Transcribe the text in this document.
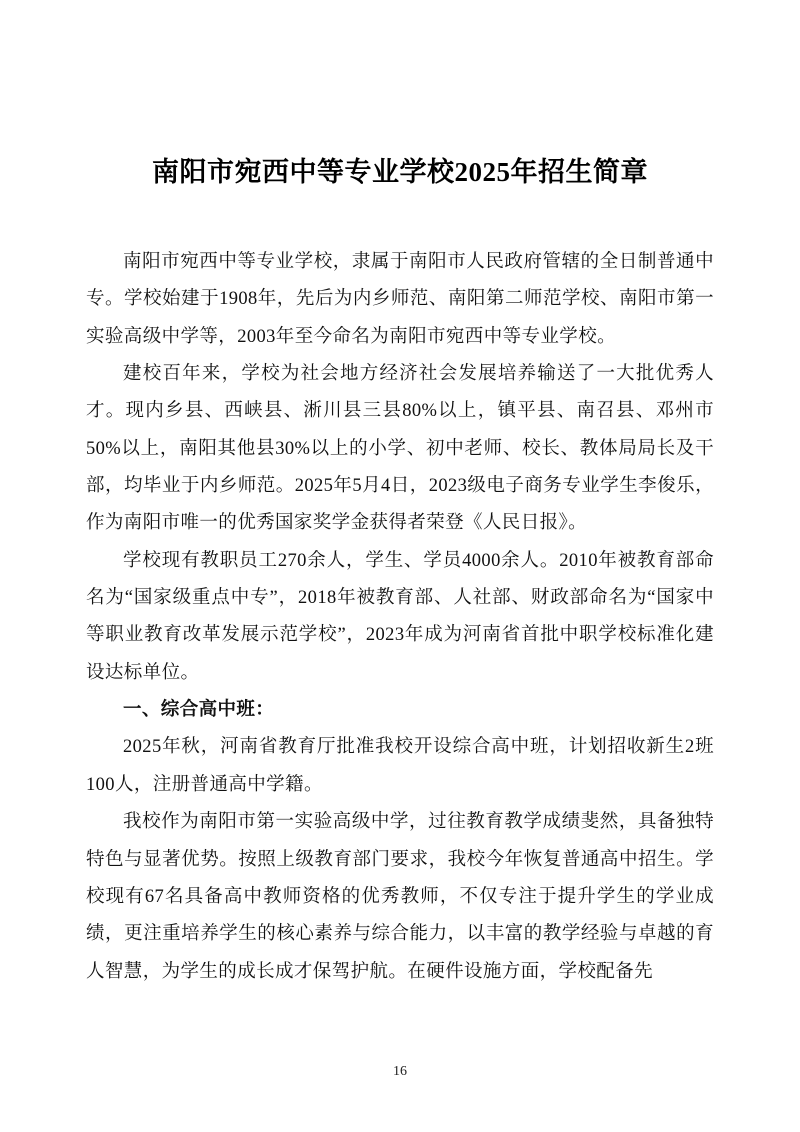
南阳市宛西中等专业学校2025年招生简章

南阳市宛西中等专业学校，隶属于南阳市人民政府管辖的全日制普通中专。学校始建于1908年，先后为内乡师范、南阳第二师范学校、南阳市第一实验高级中学等，2003年至今命名为南阳市宛西中等专业学校。

建校百年来，学校为社会地方经济社会发展培养输送了一大批优秀人才。现内乡县、西峡县、淅川县三县80%以上，镇平县、南召县、邓州市50%以上，南阳其他县30%以上的小学、初中老师、校长、教体局局长及干部，均毕业于内乡师范。2025年5月4日，2023级电子商务专业学生李俊乐，作为南阳市唯一的优秀国家奖学金获得者荣登《人民日报》。

学校现有教职员工270余人，学生、学员4000余人。2010年被教育部命名为“国家级重点中专”，2018年被教育部、人社部、财政部命名为“国家中等职业教育改革发展示范学校”，2023年成为河南省首批中职学校标准化建设达标单位。

一、综合高中班：

2025年秋，河南省教育厅批准我校开设综合高中班，计划招收新生2班100人，注册普通高中学籍。

我校作为南阳市第一实验高级中学，过往教育教学成绩斐然，具备独特特色与显著优势。按照上级教育部门要求，我校今年恢复普通高中招生。学校现有67名具备高中教师资格的优秀教师，不仅专注于提升学生的学业成绩，更注重培养学生的核心素养与综合能力，以丰富的教学经验与卓越的育人智慧，为学生的成长成才保驾护航。在硬件设施方面，学校配备先

16
